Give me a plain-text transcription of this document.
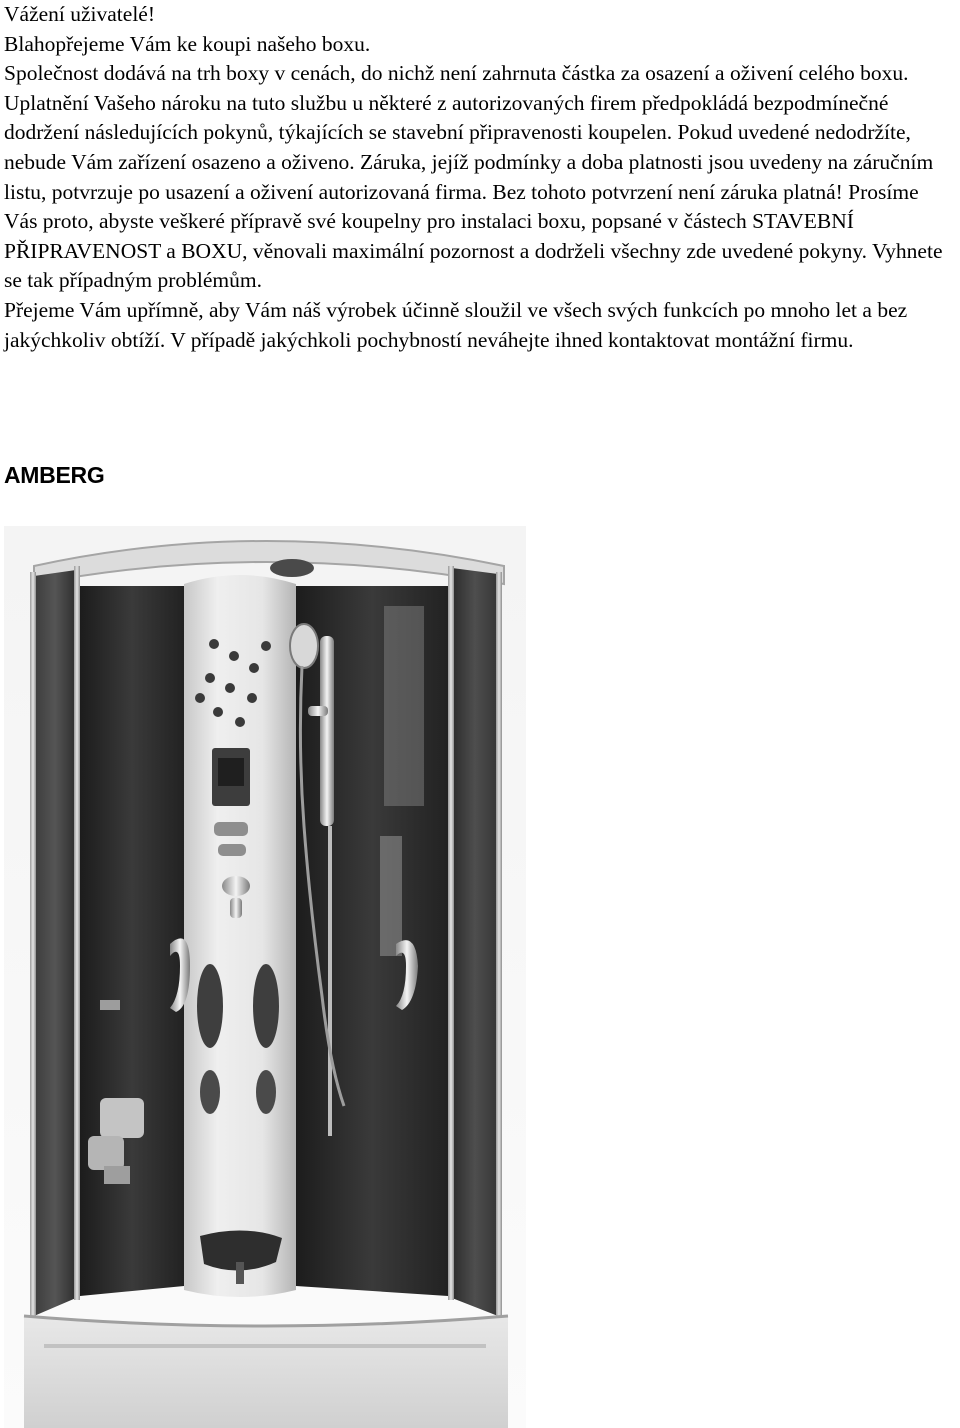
Vážení uživatelé!

Blahopřejeme Vám ke koupi našeho boxu.

Společnost dodává na trh boxy v cenách, do nichž není zahrnuta částka za osazení a oživení celého boxu. Uplatnění Vašeho nároku na tuto službu u některé z autorizovaných firem předpokládá bezpodmínečné dodržení následujících pokynů, týkajících se stavební připravenosti koupelen. Pokud uvedené nedodržíte, nebude Vám zařízení osazeno a oživeno. Záruka, jejíž podmínky a doba platnosti jsou uvedeny na záručním listu, potvrzuje po usazení a oživení autorizovaná firma. Bez tohoto potvrzení není záruka platná! Prosíme Vás proto, abyste veškeré přípravě své koupelny pro instalaci boxu, popsané v částech STAVEBNÍ PŘIPRAVENOST a BOXU, věnovali maximální pozornost a dodrželi všechny zde uvedené pokyny. Vyhnete se tak případným problémům.

Přejeme Vám upřímně, aby Vám náš výrobek účinně sloužil ve všech svých funkcích po mnoho let a bez jakýchkoliv obtíží. V případě jakýchkoli pochybností neváhejte ihned kontaktovat montážní firmu.

AMBERG
